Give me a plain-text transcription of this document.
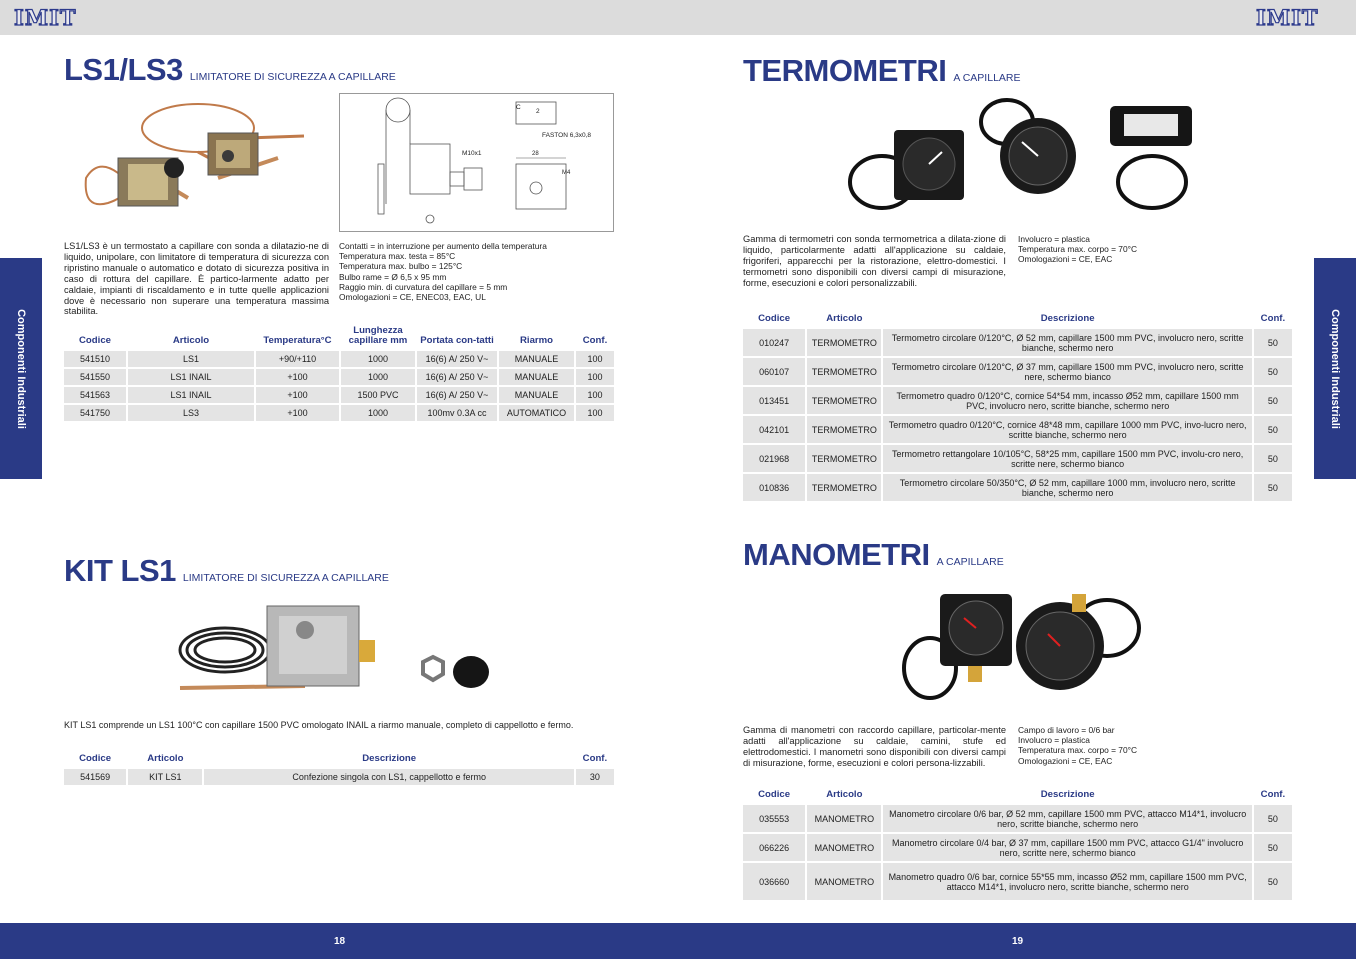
IMIT	IMIT
Componenti Industriali	Componenti Industriali
18	19
LS1/LS3 LIMITATORE DI SICUREZZA A CAPILLARE
C
2
FASTON 6,3x0,8
M10x1	28
M4
LS1/LS3 è un termostato a capillare con sonda a dilatazio-ne di liquido, unipolare, con limitatore di temperatura di sicurezza con ripristino manuale o automatico e dotato di sicurezza positiva in caso di rottura del capillare. È partico-larmente adatto per caldaie, impianti di riscaldamento e in tutte quelle applicazioni dove è necessario non superare una temperatura massima stabilita.
Contatti = in interruzione per aumento della temperatura
Temperatura max. testa = 85°C
Temperatura max. bulbo = 125°C
Bulbo rame = Ø 6,5 x 95 mm
Raggio min. di curvatura del capillare = 5 mm
Omologazioni = CE, ENEC03, EAC, UL
Codice	Articolo	Temperatura°C	Lunghezza capillare mm	Portata con-tatti	Riarmo	Conf.
541510	LS1	+90/+110	1000	16(6) A/ 250 V~	MANUALE	100
541550	LS1 INAIL	+100	1000	16(6) A/ 250 V~	MANUALE	100
541563	LS1 INAIL	+100	1500 PVC	16(6) A/ 250 V~	MANUALE	100
541750	LS3	+100	1000	100mv 0.3A cc	AUTOMATICO	100
KIT LS1 LIMITATORE DI SICUREZZA A CAPILLARE
KIT LS1 comprende un LS1 100°C con capillare 1500 PVC omologato INAIL a riarmo manuale, completo di cappellotto e fermo.
Codice	Articolo	Descrizione	Conf.
541569	KIT LS1	Confezione singola con LS1, cappellotto e fermo	30
TERMOMETRI A CAPILLARE
Gamma di termometri con sonda termometrica a dilata-zione di liquido, particolarmente adatti all'applicazione su caldaie, frigoriferi, apparecchi per la ristorazione, elettro-domestici. I termometri sono disponibili con diversi campi di misurazione, forme, esecuzioni e colori personalizzabili.
Involucro = plastica
Temperatura max. corpo = 70°C
Omologazioni = CE, EAC
Codice	Articolo	Descrizione	Conf.
010247	TERMOMETRO	Termometro circolare 0/120°C, Ø 52 mm, capillare 1500 mm PVC, involucro nero, scritte bianche, schermo nero	50
060107	TERMOMETRO	Termometro circolare 0/120°C, Ø 37 mm, capillare 1500 mm PVC, involucro nero, scritte nere, schermo bianco	50
013451	TERMOMETRO	Termometro quadro 0/120°C, cornice 54*54 mm, incasso Ø52 mm, capillare 1500 mm PVC, involucro nero, scritte bianche, schermo nero	50
042101	TERMOMETRO	Termometro quadro 0/120°C, cornice 48*48 mm, capillare 1000 mm PVC, invo-lucro nero, scritte bianche, schermo nero	50
021968	TERMOMETRO	Termometro rettangolare 10/105°C, 58*25 mm, capillare 1500 mm PVC, involu-cro nero, scritte nere, schermo bianco	50
010836	TERMOMETRO	Termometro circolare 50/350°C, Ø 52 mm, capillare 1000 mm, involucro nero, scritte bianche, schermo nero	50
MANOMETRI A CAPILLARE
Gamma di manometri con raccordo capillare, particolar-mente adatti all'applicazione su caldaie, camini, stufe ed elettrodomestici. I manometri sono disponibili con diversi campi di misurazione, forme, esecuzioni e colori persona-lizzabili.
Campo di lavoro = 0/6 bar
Involucro = plastica
Temperatura max. corpo = 70°C
Omologazioni = CE, EAC
Codice	Articolo	Descrizione	Conf.
035553	MANOMETRO	Manometro circolare 0/6 bar, Ø 52 mm, capillare 1500 mm PVC, attacco M14*1, involucro nero, scritte bianche, schermo nero	50
066226	MANOMETRO	Manometro circolare 0/4 bar, Ø 37 mm, capillare 1500 mm PVC, attacco G1/4" involucro nero, scritte nere, schermo bianco	50
036660	MANOMETRO	Manometro quadro 0/6 bar, cornice 55*55 mm, incasso Ø52 mm, capillare 1500 mm PVC, attacco M14*1, involucro nero, scritte bianche, schermo nero	50
